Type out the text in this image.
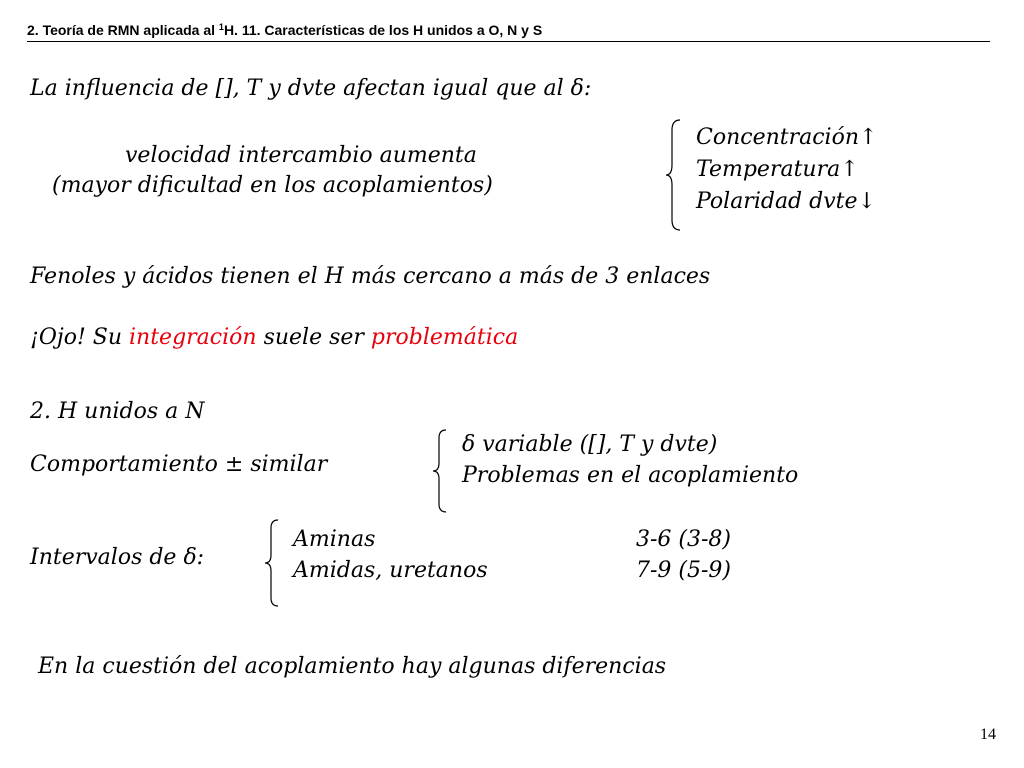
2. Teoría de RMN aplicada al $^1$H. 11. Características de los H unidos a O, N y S
La influencia de [], T y dvte afectan igual que al δ:
velocidad intercambio aumenta
(mayor dificultad en los acoplamientos)
Concentración↑
Temperatura↑
Polaridad dvte↓
Fenoles y ácidos tienen el H más cercano a más de 3 enlaces
¡Ojo! Su integración suele ser problemática
2. H unidos a N
Comportamiento ± similar
δ variable ([], T y dvte)
Problemas en el acoplamiento
Intervalos de δ:
Aminas	3-6 (3-8)
Amidas, uretanos	7-9 (5-9)
En la cuestión del acoplamiento hay algunas diferencias
14
